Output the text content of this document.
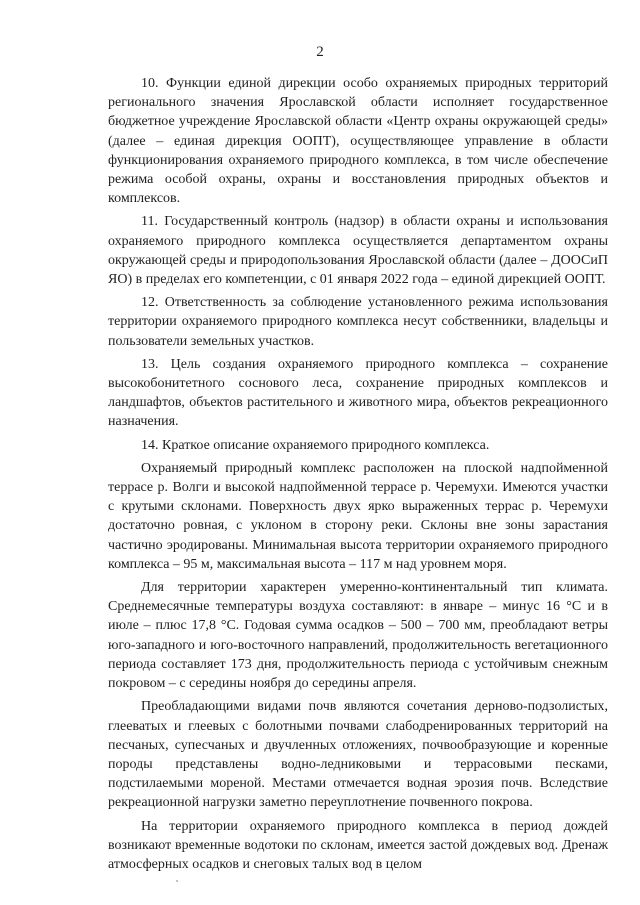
2

10. Функции единой дирекции особо охраняемых природных территорий регионального значения Ярославской области исполняет государственное бюджетное учреждение Ярославской области «Центр охраны окружающей среды» (далее – единая дирекция ООПТ), осуществляющее управление в области функционирования охраняемого природного комплекса, в том числе обеспечение режима особой охраны, охраны и восстановления природных объектов и комплексов.

11. Государственный контроль (надзор) в области охраны и использования охраняемого природного комплекса осуществляется департаментом охраны окружающей среды и природопользования Ярославской области (далее – ДООСиП ЯО) в пределах его компетенции, с 01 января 2022 года – единой дирекцией ООПТ.

12. Ответственность за соблюдение установленного режима использования территории охраняемого природного комплекса несут собственники, владельцы и пользователи земельных участков.

13. Цель создания охраняемого природного комплекса – сохранение высокобонитетного соснового леса, сохранение природных комплексов и ландшафтов, объектов растительного и животного мира, объектов рекреационного назначения.

14. Краткое описание охраняемого природного комплекса.

Охраняемый природный комплекс расположен на плоской надпойменной террасе р. Волги и высокой надпойменной террасе р. Черемухи. Имеются участки с крутыми склонами. Поверхность двух ярко выраженных террас р. Черемухи достаточно ровная, с уклоном в сторону реки. Склоны вне зоны зарастания частично эродированы. Минимальная высота территории охраняемого природного комплекса – 95 м, максимальная высота – 117 м над уровнем моря.

Для территории характерен умеренно-континентальный тип климата. Среднемесячные температуры воздуха составляют: в январе – минус 16 °С и в июле – плюс 17,8 °С. Годовая сумма осадков – 500 – 700 мм, преобладают ветры юго-западного и юго-восточного направлений, продолжительность вегетационного периода составляет 173 дня, продолжительность периода с устойчивым снежным покровом – с середины ноября до середины апреля.

Преобладающими видами почв являются сочетания дерново-подзолистых, глееватых и глеевых с болотными почвами слабодренированных территорий на песчаных, супесчаных и двучленных отложениях, почвообразующие и коренные породы представлены водно-ледниковыми и террасовыми песками, подстилаемыми мореной. Местами отмечается водная эрозия почв. Вследствие рекреационной нагрузки заметно переуплотнение почвенного покрова.

На территории охраняемого природного комплекса в период дождей возникают временные водотоки по склонам, имеется застой дождевых вод. Дренаж атмосферных осадков и снеговых талых вод в целом
